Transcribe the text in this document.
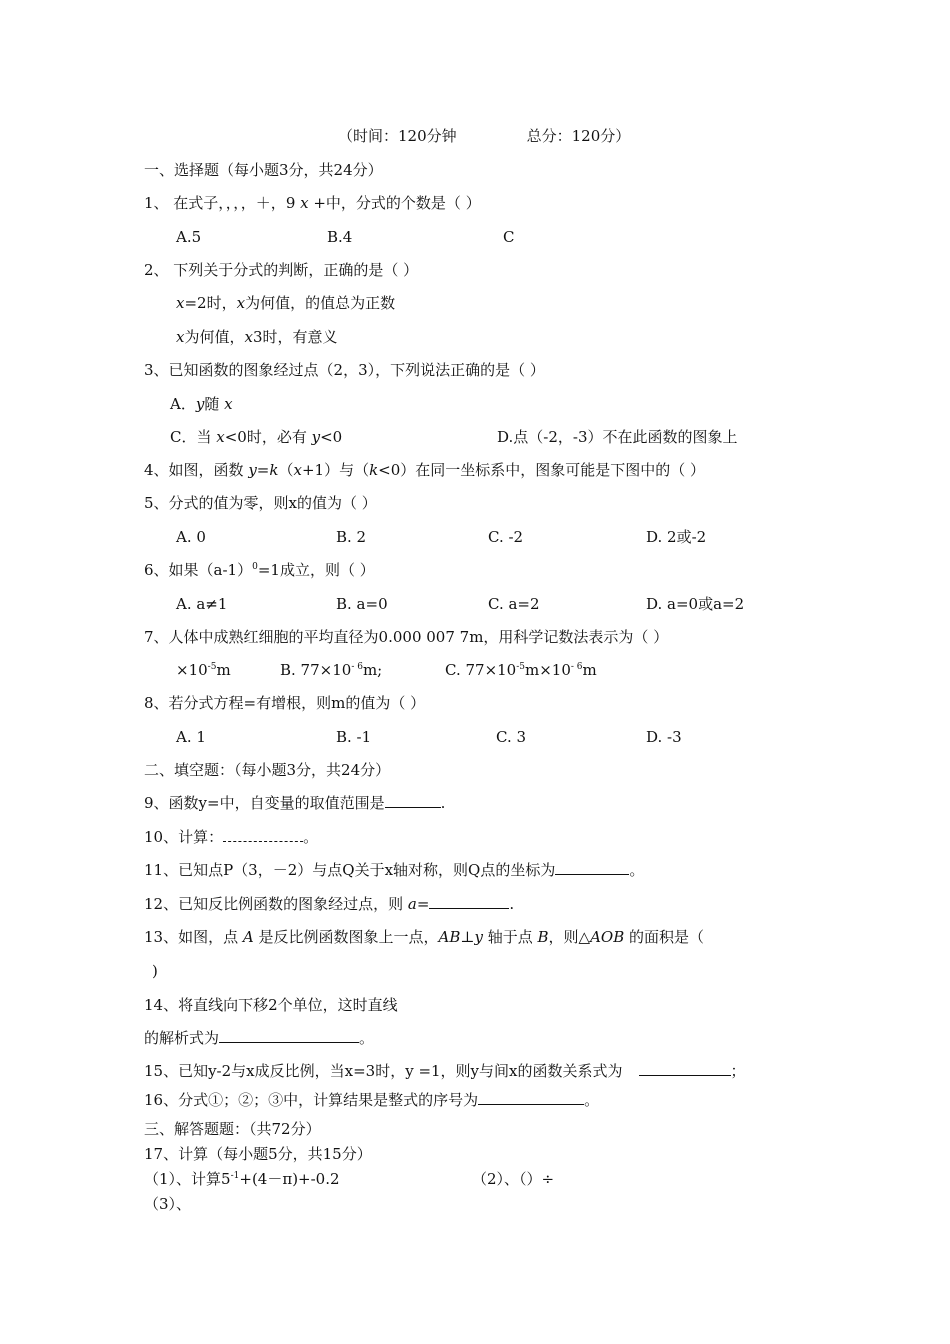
（时间：120分钟	总分：120分）
一、选择题（每小题3分，共24分）
1、 在式子，，，，＋，9 x +中，分式的个数是（ ）
A.5	B.4	C
2、 下列关于分式的判断，正确的是（ ）
x=2时，x为何值，的值总为正数
x为何值，x3时，有意义
3、已知函数的图象经过点（2，3），下列说法正确的是（ ）
A．y随 x
C．当 x<0时，必有 y<0	D.点（-2，-3）不在此函数的图象上
4、如图，函数 y=k（x+1）与（k<0）在同一坐标系中，图象可能是下图中的（ ）
5、分式的值为零，则x的值为（ ）
A. 0	B. 2	C. -2	D. 2或-2
6、如果$(a-1)^0=1$成立，则（ ）
A. a≠1	B. a=0	C. a=2	D. a=0或a=2
7、人体中成熟红细胞的平均直径为0.000 007 7m，用科学记数法表示为（ ）
$\times 10^{-5}m$	B. $77\times 10^{- 6}m$;	C. $77\times 10^{-5}m\times 10^{- 6}m$
8、若分式方程=有增根，则m的值为（ ）
A. 1	B. -1	C. 3	D. -3
二、填空题：（每小题3分，共24分）
9、函数y=中，自变量的取值范围是	.
10、计算：	。
11、已知点P（3，－2）与点Q关于x轴对称，则Q点的坐标为	。
12、已知反比例函数的图象经过点，则 a=	.
13、如图，点 A 是反比例函数图象上一点，AB⊥y 轴于点 B，则△AOB 的面积是（
)
14、将直线向下移2个单位，这时直线
的解析式为	。
15、已知y-2与x成反比例，当x=3时，y =1，则y与间x的函数关系式为	；
16、分式①；②；③中，计算结果是整式的序号为	。
三、解答题题：（共72分）
17、计算（每小题5分，共15分）
（1）、计算$5^{-1}+(4-\pi)+-0.2$	（2）、（）÷
（3）、
